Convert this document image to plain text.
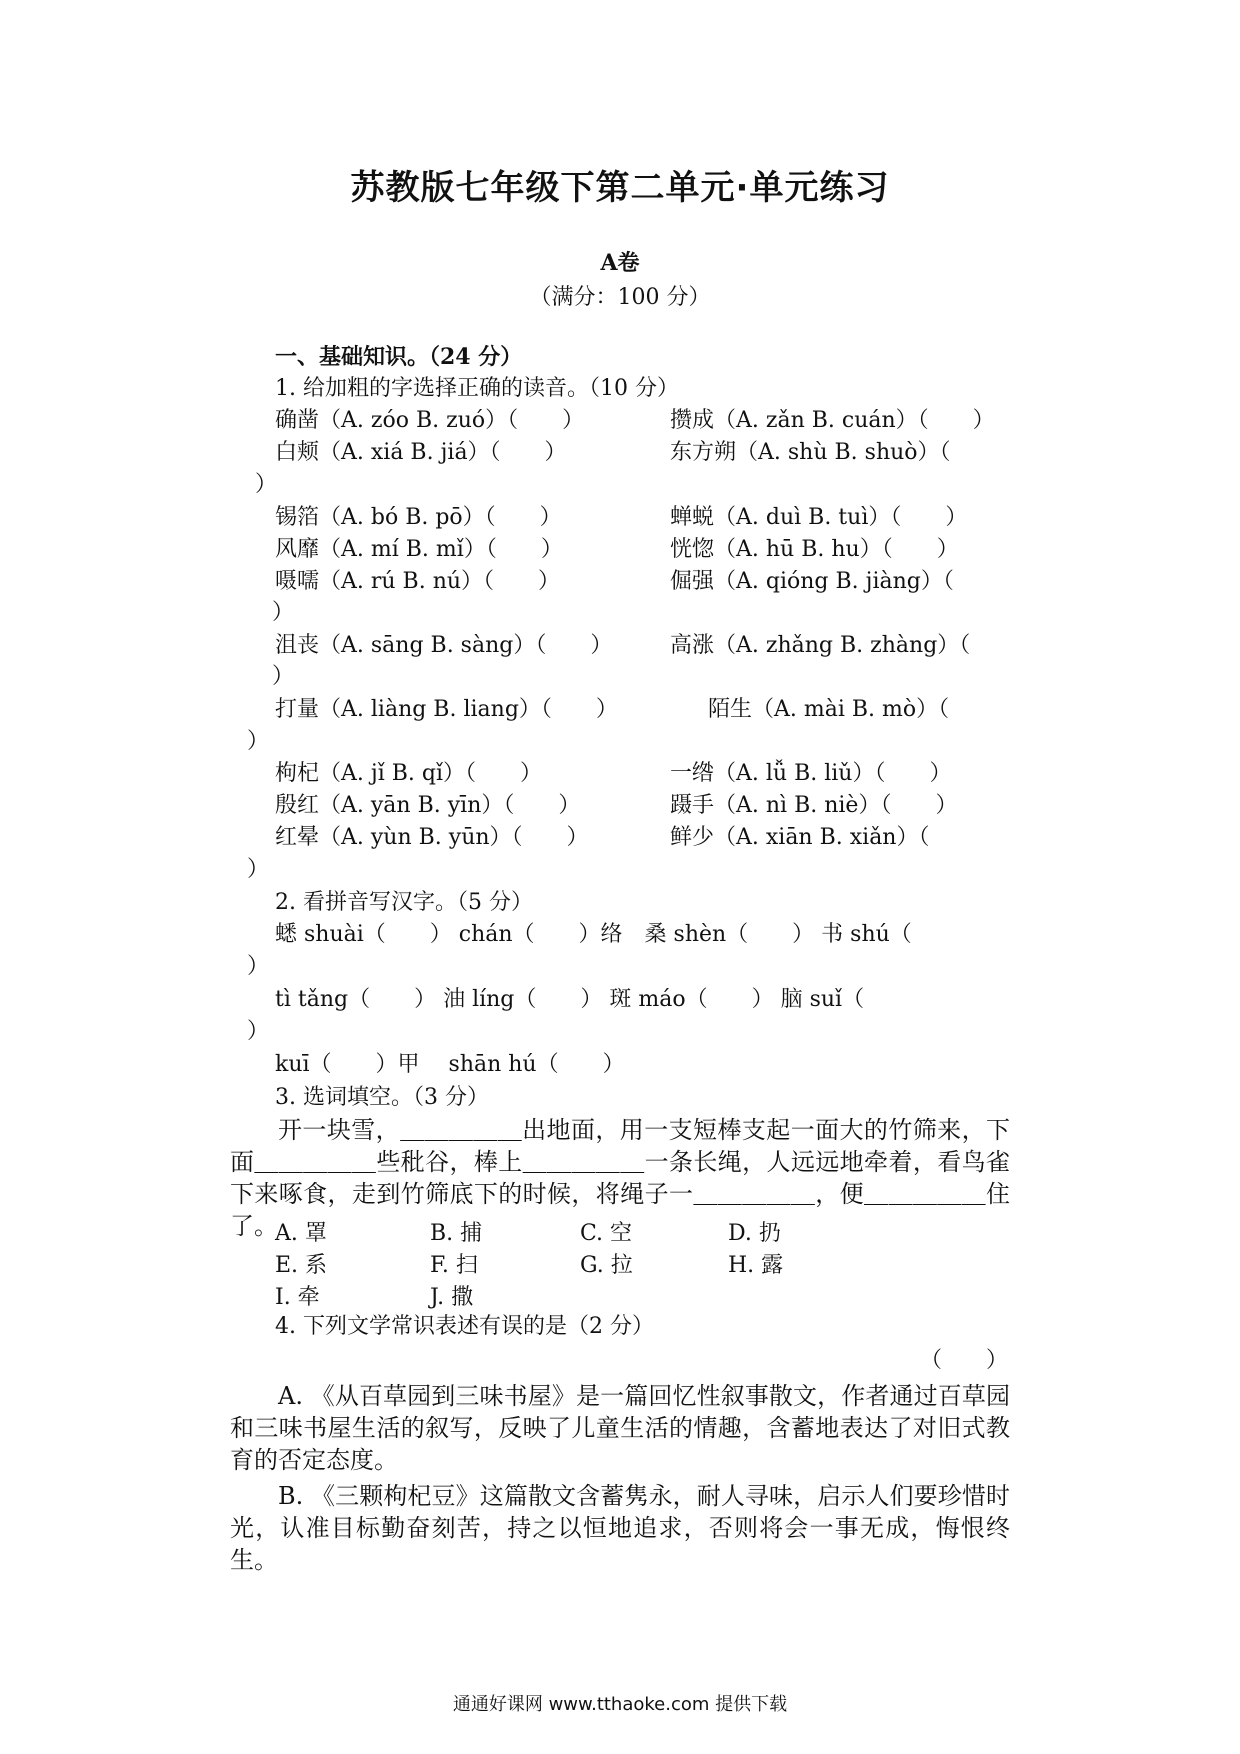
苏教版七年级下第二单元·单元练习
A卷
（满分：100 分）
一、基础知识。（24 分）
1. 给加粗的字选择正确的读音。（10 分）
确凿（A. zóo B. zuó）（　　）	攒成（A. zǎn B. cuán）（　　）
白颊（A. xiá B. jiá）（　　）	东方朔（A. shù B. shuò）（
）
锡箔（A. bó B. pō）（　　）	蝉蜕（A. duì B. tuì）（　　）
风靡（A. mí B. mǐ）（　　）	恍惚（A. hū B. hu）（　　）
嗫嚅（A. rú B. nú）（　　）	倔强（A. qióng B. jiàng）（
）
沮丧（A. sāng B. sàng）（　　）	高涨（A. zhǎng B. zhàng）（
）
打量（A. liàng B. liang）（　　）	陌生（A. mài B. mò）（
）
枸杞（A. jǐ B. qǐ）（　　）	一绺（A. lǚ B. liǔ）（　　）
殷红（A. yān B. yīn）（　　）	蹑手（A. nì B. niè）（　　）
红晕（A. yùn B. yūn）（　　）	鲜少（A. xiān B. xiǎn）（
）
2. 看拼音写汉字。（5 分）
蟋 shuài（　　） chán（　　）络　桑 shèn（　　） 书 shú（
）
tì tǎng（　　） 油 líng（　　） 斑 máo（　　） 脑 suǐ（
）
kuī（　　）甲　 shān hú（　　）
3. 选词填空。（3 分）
开一块雪，＿＿＿＿＿出地面，用一支短棒支起一面大的竹筛来，下面＿＿＿＿＿些秕谷，棒上＿＿＿＿＿一条长绳，人远远地牵着，看鸟雀下来啄食，走到竹筛底下的时候，将绳子一＿＿＿＿＿，便＿＿＿＿＿住了。
A. 罩	B. 捕	C. 空	D. 扔
E. 系	F. 扫	G. 拉	H. 露
I. 牵	J. 撒
4. 下列文学常识表述有误的是（2 分）
（　　）
A. 《从百草园到三味书屋》是一篇回忆性叙事散文，作者通过百草园和三味书屋生活的叙写，反映了儿童生活的情趣，含蓄地表达了对旧式教育的否定态度。
B. 《三颗枸杞豆》这篇散文含蓄隽永，耐人寻味，启示人们要珍惜时光，认准目标勤奋刻苦，持之以恒地追求，否则将会一事无成，悔恨终生。
通通好课网 www.tthaoke.com 提供下载
